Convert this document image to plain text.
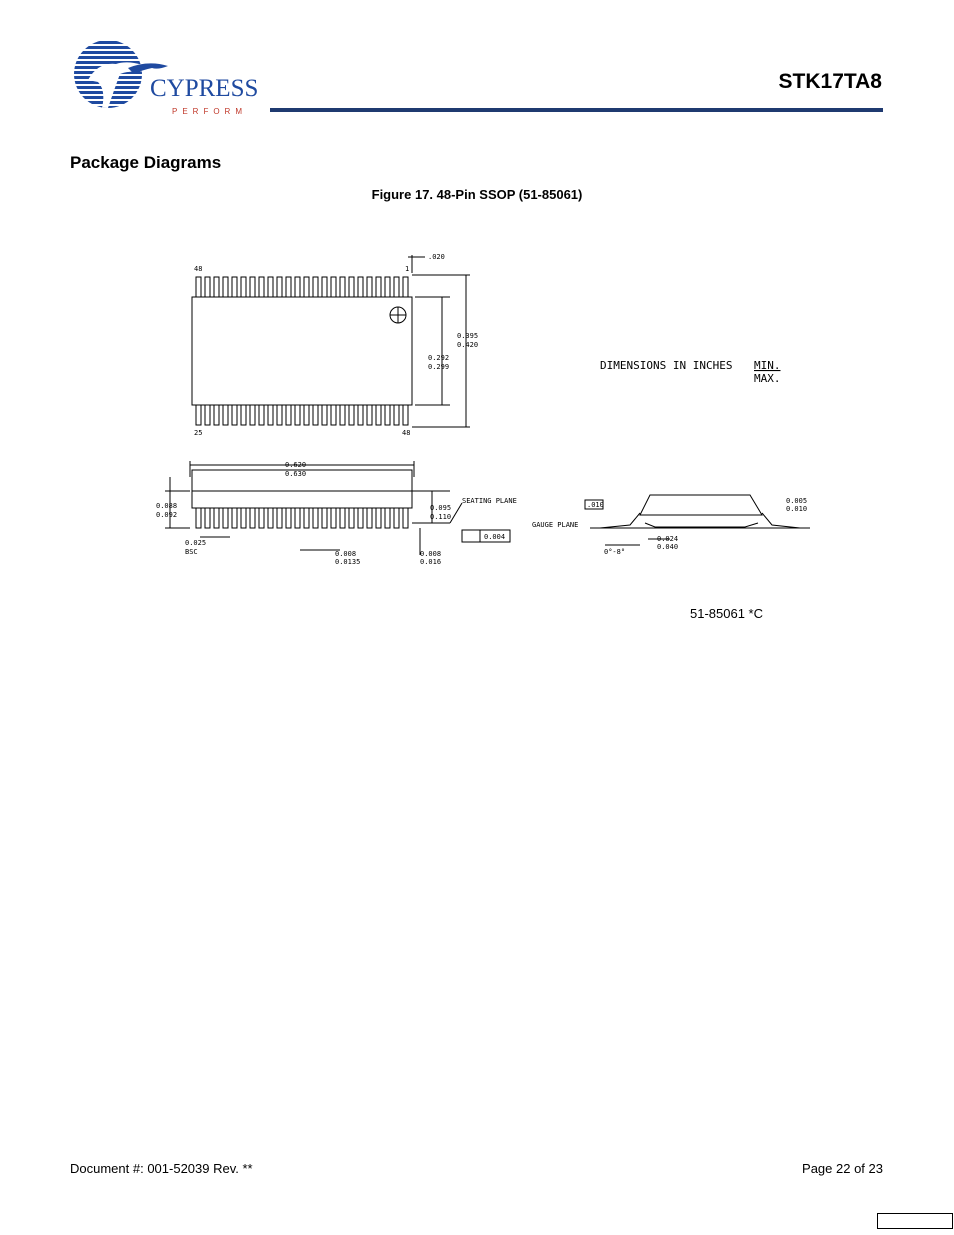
CYPRESS
PERFORM
STK17TA8
Package Diagrams
Figure 17. 48-Pin SSOP (51-85061)
48	1
25	48
.020
0.395
0.420
0.292
0.299
0.620
0.630
0.088
0.092
0.095
0.110
SEATING PLANE
0.004
0.025
BSC	0.008
0.0135
0.008
0.016
.010
GAUGE PLANE
0°-8°
0.024
0.040
0.005
0.010
DIMENSIONS IN INCHES MIN.
MAX.
51-85061 *C
Document #: 001-52039 Rev. **	Page 22 of 23
